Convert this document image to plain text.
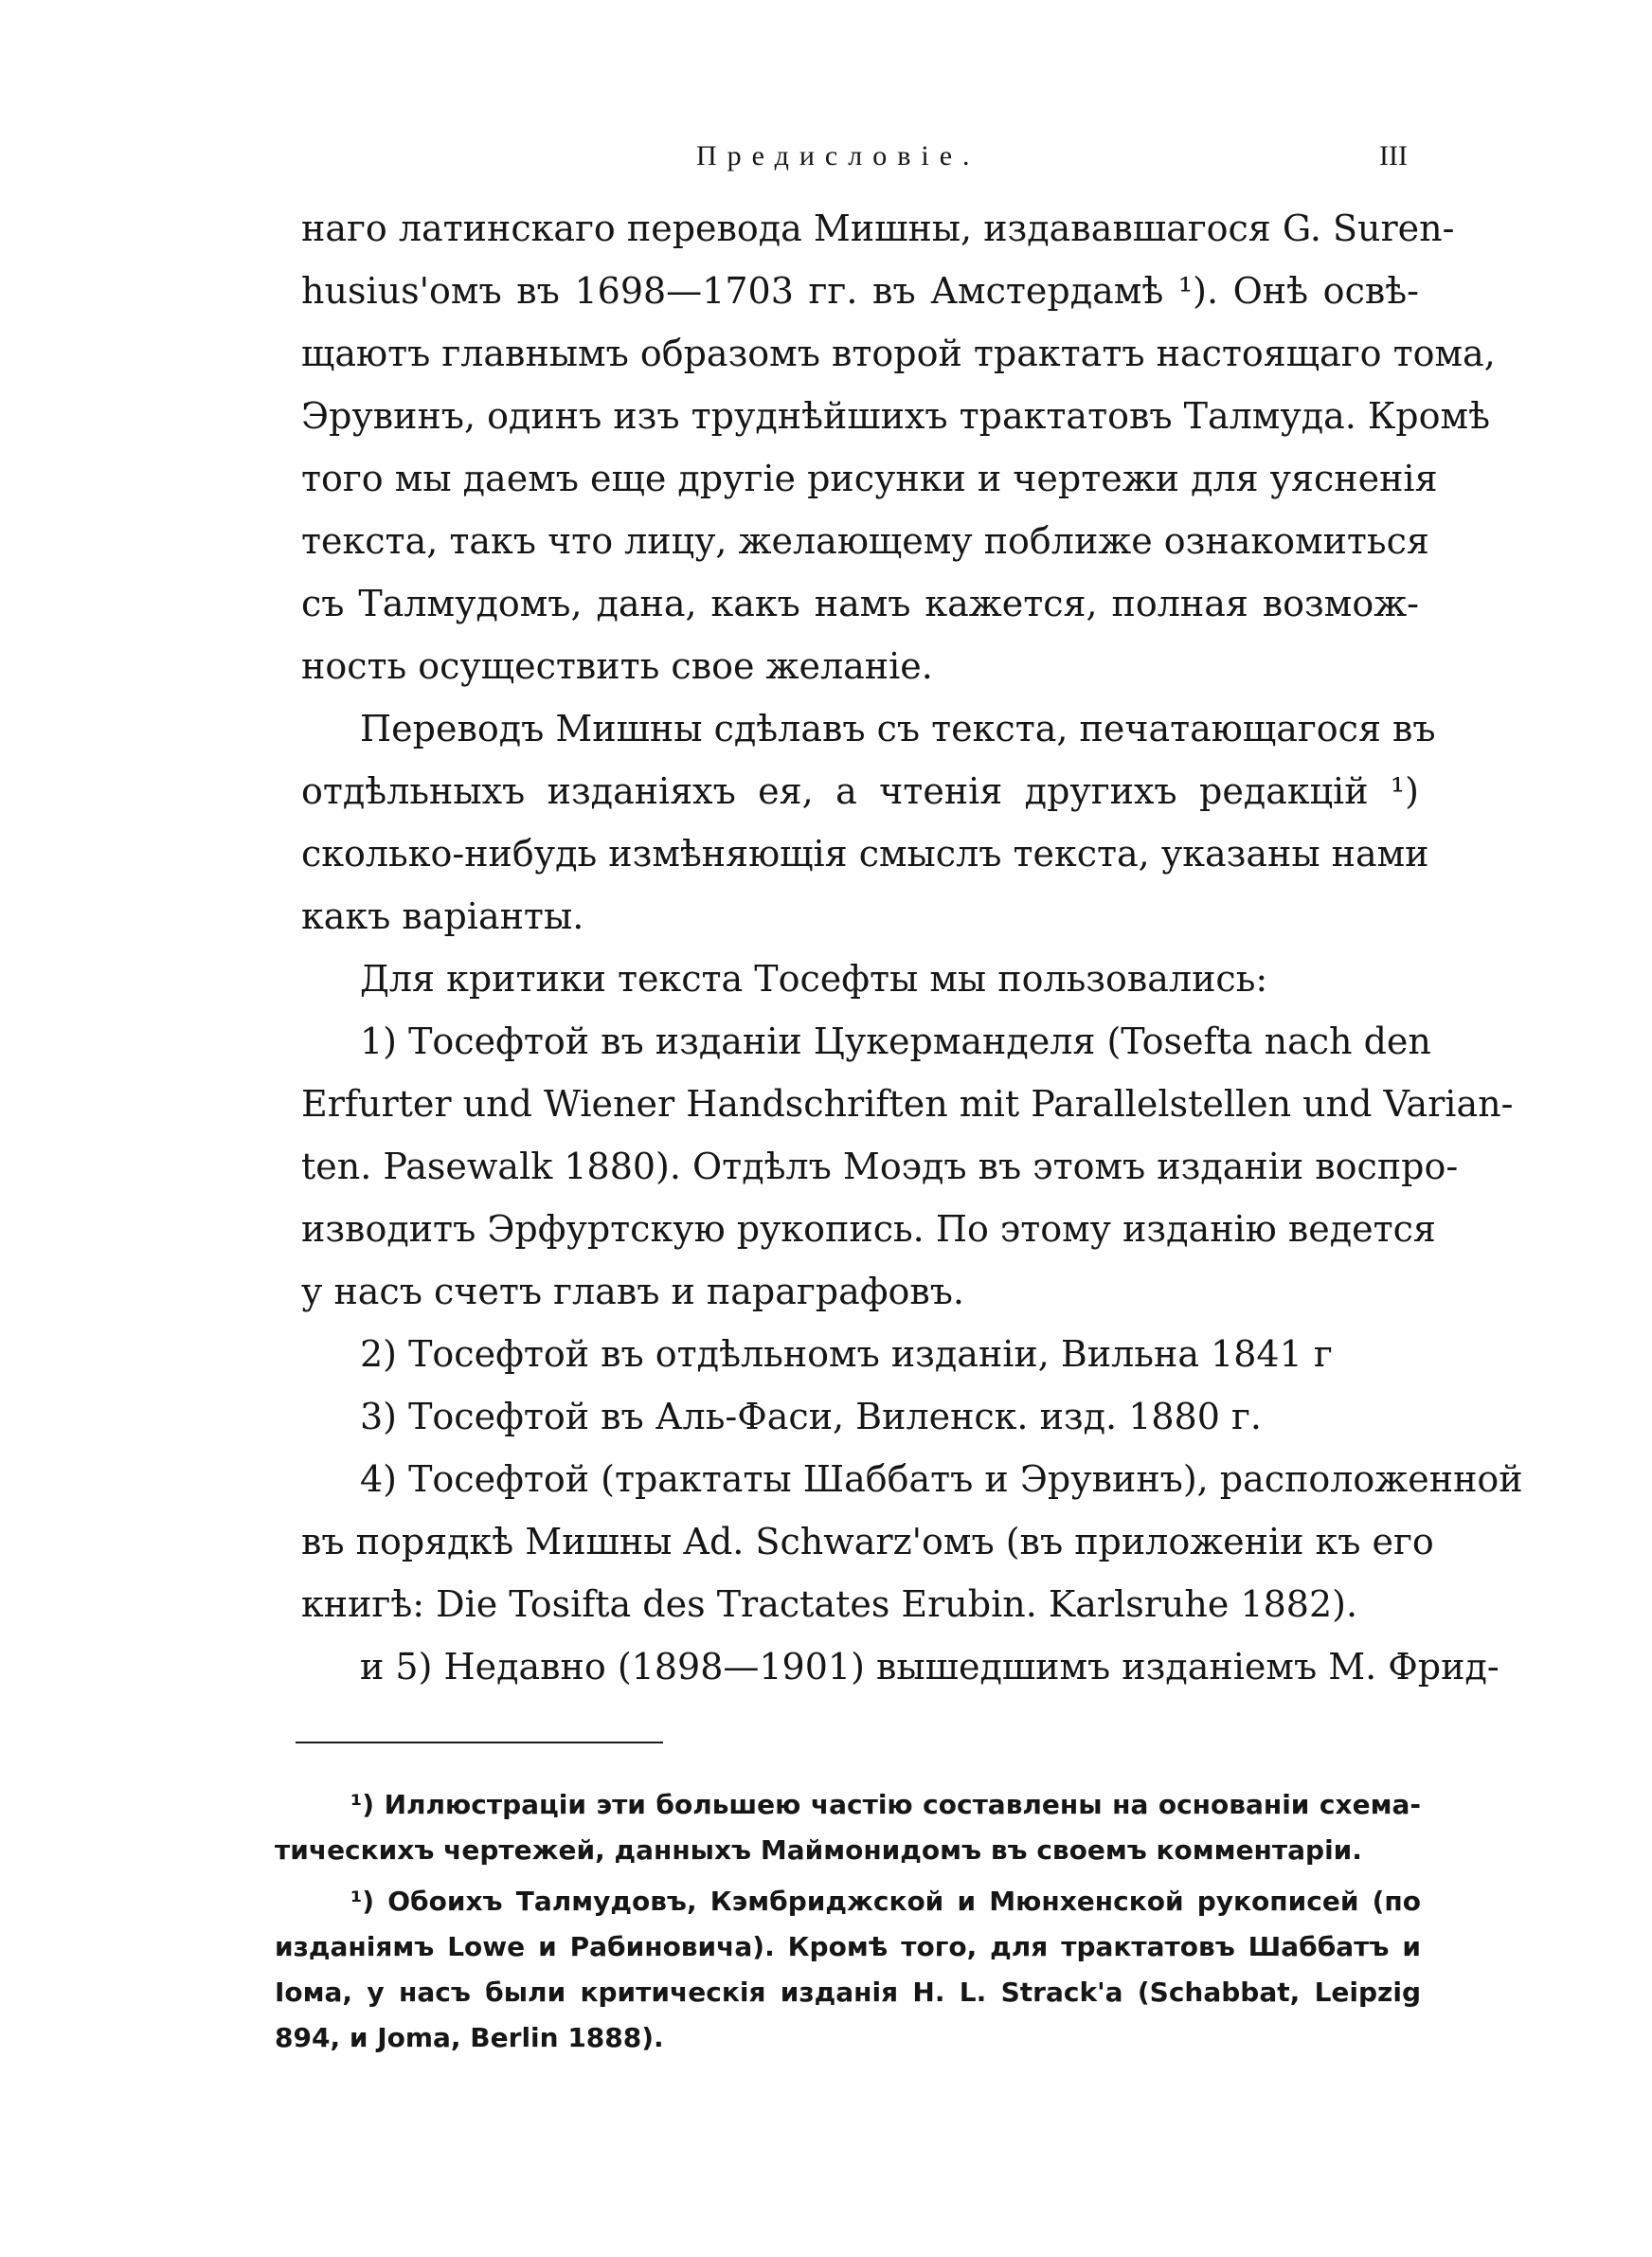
Предисловіе.	III
наго латинскаго перевода Мишны, издававшагося G. Suren-
husius'омъ въ 1698—1703 гг. въ Амстердамѣ ¹). Онѣ освѣ-
щаютъ главнымъ образомъ второй трактатъ настоящаго тома,
Эрувинъ, одинъ изъ труднѣйшихъ трактатовъ Талмуда. Кромѣ
того мы даемъ еще другіе рисунки и чертежи для уясненія
текста, такъ что лицу, желающему поближе ознакомиться
съ Талмудомъ, дана, какъ намъ кажется, полная возмож-
ность осуществить свое желаніе.
Переводъ Мишны сдѣлавъ съ текста, печатающагося въ
отдѣльныхъ изданіяхъ ея, а чтенія другихъ редакцій ¹)
сколько-нибудь измѣняющія смыслъ текста, указаны нами
какъ варіанты.
Для критики текста Тосефты мы пользовались:
1) Тосефтой въ изданіи Цукерманделя (Tosefta nach den
Erfurter und Wiener Handschriften mit Parallelstellen und Varian-
ten. Pasewalk 1880). Отдѣлъ Моэдъ въ этомъ изданіи воспро-
изводитъ Эрфуртскую рукопись. По этому изданію ведется
у насъ счетъ главъ и параграфовъ.
2) Тосефтой въ отдѣльномъ изданіи, Вильна 1841 г
3) Тосефтой въ Аль-Фаси, Виленск. изд. 1880 г.
4) Тосефтой (трактаты Шаббатъ и Эрувинъ), расположенной
въ порядкѣ Мишны Ad. Schwarz'омъ (въ приложеніи къ его
книгѣ: Die Tosifta des Tractates Erubin. Karlsruhe 1882).
и 5) Недавно (1898—1901) вышедшимъ изданіемъ М. Фрид-
¹) Иллюстраціи эти большею частію составлены на основаніи схема-
тическихъ чертежей, данныхъ Маймонидомъ въ своемъ комментаріи.
¹) Обоихъ Талмудовъ, Кэмбриджской и Мюнхенской рукописей (по
изданіямъ Lowe и Рабиновича). Кромѣ того, для трактатовъ Шаббатъ и
Іома, у насъ были критическія изданія H. L. Strack'a (Schabbat, Leipzig
894, и Joma, Berlin 1888).
